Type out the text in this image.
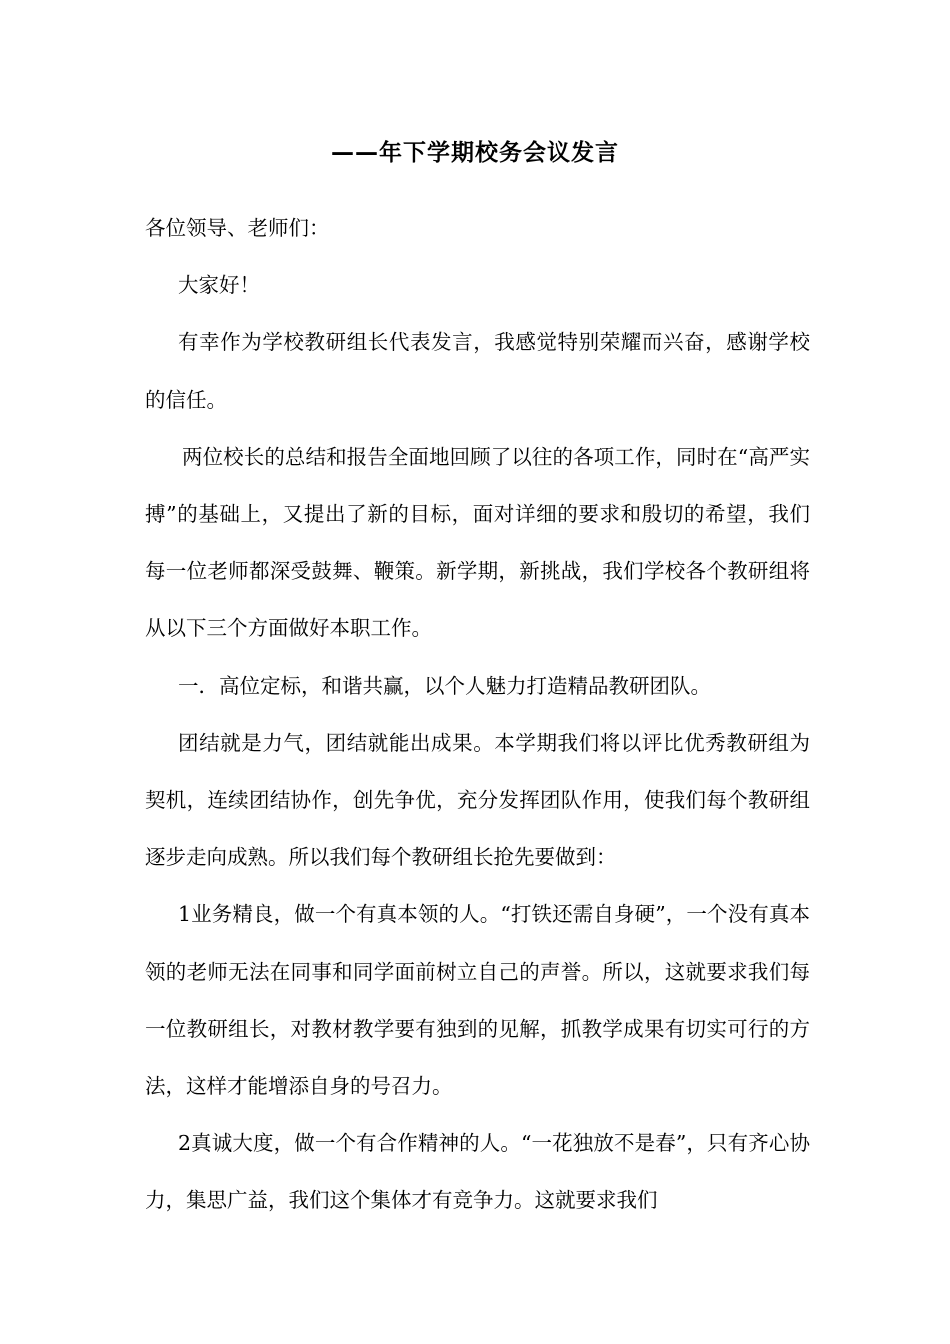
——年下学期校务会议发言

各位领导、老师们：

大家好！

有幸作为学校教研组长代表发言，我感觉特别荣耀而兴奋，感谢学校的信任。

两位校长的总结和报告全面地回顾了以往的各项工作，同时在“高严实搏”的基础上，又提出了新的目标，面对详细的要求和殷切的希望，我们每一位老师都深受鼓舞、鞭策。新学期，新挑战，我们学校各个教研组将从以下三个方面做好本职工作。

一．高位定标，和谐共赢，以个人魅力打造精品教研团队。

团结就是力气，团结就能出成果。本学期我们将以评比优秀教研组为契机，连续团结协作，创先争优，充分发挥团队作用，使我们每个教研组逐步走向成熟。所以我们每个教研组长抢先要做到：

1业务精良，做一个有真本领的人。“打铁还需自身硬”，一个没有真本领的老师无法在同事和同学面前树立自己的声誉。所以，这就要求我们每一位教研组长，对教材教学要有独到的见解，抓教学成果有切实可行的方法，这样才能增添自身的号召力。

2真诚大度，做一个有合作精神的人。“一花独放不是春”，只有齐心协力，集思广益，我们这个集体才有竞争力。这就要求我们
